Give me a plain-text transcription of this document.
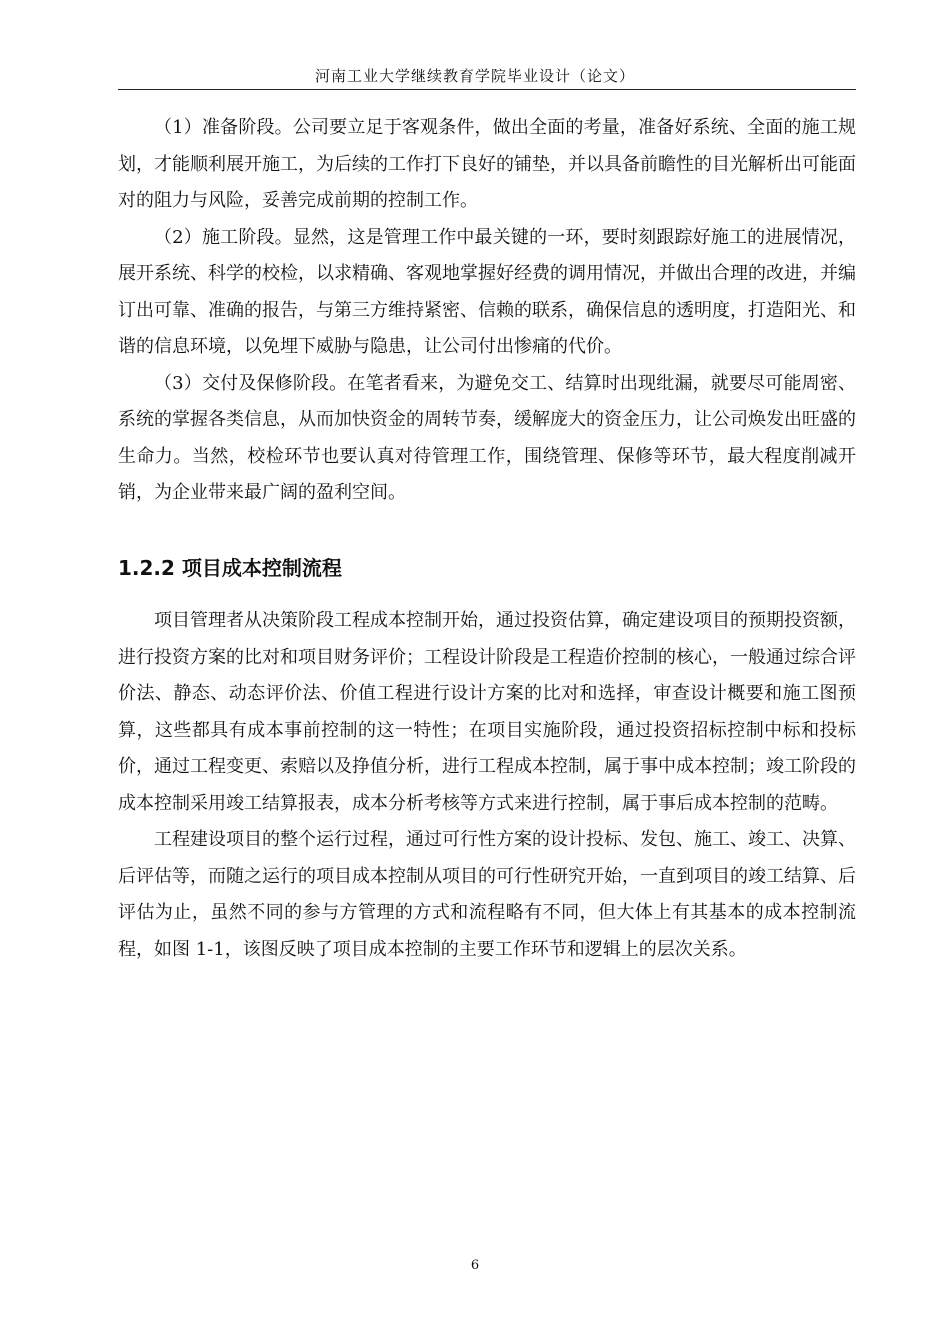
河南工业大学继续教育学院毕业设计（论文）

（1）准备阶段。公司要立足于客观条件，做出全面的考量，准备好系统、全面的施工规划，才能顺利展开施工，为后续的工作打下良好的铺垫，并以具备前瞻性的目光解析出可能面对的阻力与风险，妥善完成前期的控制工作。

（2）施工阶段。显然，这是管理工作中最关键的一环，要时刻跟踪好施工的进展情况，展开系统、科学的校检，以求精确、客观地掌握好经费的调用情况，并做出合理的改进，并编订出可靠、准确的报告，与第三方维持紧密、信赖的联系，确保信息的透明度，打造阳光、和谐的信息环境，以免埋下威胁与隐患，让公司付出惨痛的代价。

（3）交付及保修阶段。在笔者看来，为避免交工、结算时出现纰漏，就要尽可能周密、系统的掌握各类信息，从而加快资金的周转节奏，缓解庞大的资金压力，让公司焕发出旺盛的生命力。当然，校检环节也要认真对待管理工作，围绕管理、保修等环节，最大程度削减开销，为企业带来最广阔的盈利空间。

1.2.2 项目成本控制流程

项目管理者从决策阶段工程成本控制开始，通过投资估算，确定建设项目的预期投资额，进行投资方案的比对和项目财务评价；工程设计阶段是工程造价控制的核心，一般通过综合评价法、静态、动态评价法、价值工程进行设计方案的比对和选择，审查设计概要和施工图预算，这些都具有成本事前控制的这一特性；在项目实施阶段，通过投资招标控制中标和投标价，通过工程变更、索赔以及挣值分析，进行工程成本控制，属于事中成本控制；竣工阶段的成本控制采用竣工结算报表，成本分析考核等方式来进行控制，属于事后成本控制的范畴。

工程建设项目的整个运行过程，通过可行性方案的设计投标、发包、施工、竣工、决算、后评估等，而随之运行的项目成本控制从项目的可行性研究开始，一直到项目的竣工结算、后评估为止，虽然不同的参与方管理的方式和流程略有不同，但大体上有其基本的成本控制流程，如图 1-1，该图反映了项目成本控制的主要工作环节和逻辑上的层次关系。

6
